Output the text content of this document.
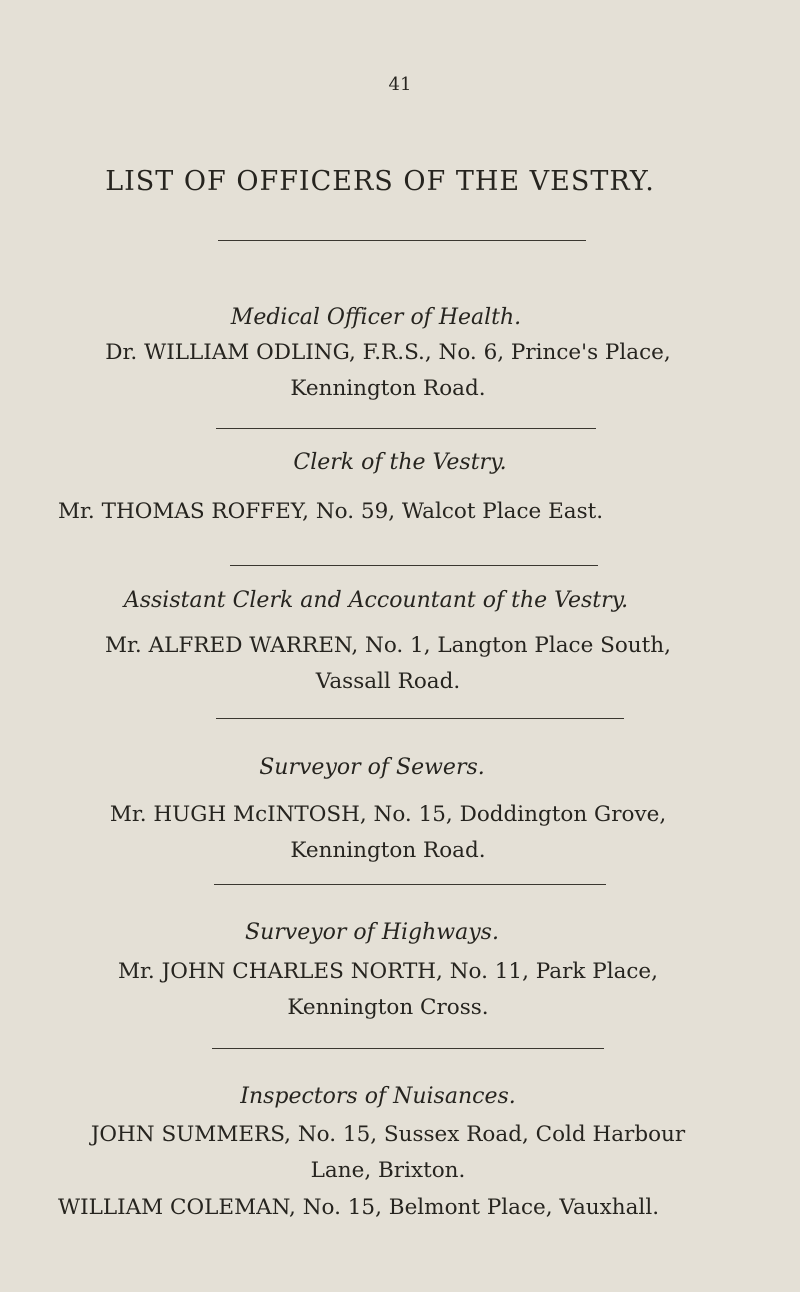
41
LIST OF OFFICERS OF THE VESTRY.
Medical Officer of Health.
Dr. WILLIAM ODLING, F.R.S., No. 6, Prince's Place,
Kennington Road.
Clerk of the Vestry.
Mr. THOMAS ROFFEY, No. 59, Walcot Place East.
Assistant Clerk and Accountant of the Vestry.
Mr. ALFRED WARREN, No. 1, Langton Place South,
Vassall Road.
Surveyor of Sewers.
Mr. HUGH McINTOSH, No. 15, Doddington Grove,
Kennington Road.
Surveyor of Highways.
Mr. JOHN CHARLES NORTH, No. 11, Park Place,
Kennington Cross.
Inspectors of Nuisances.
JOHN SUMMERS, No. 15, Sussex Road, Cold Harbour
Lane, Brixton.
WILLIAM COLEMAN, No. 15, Belmont Place, Vauxhall.
